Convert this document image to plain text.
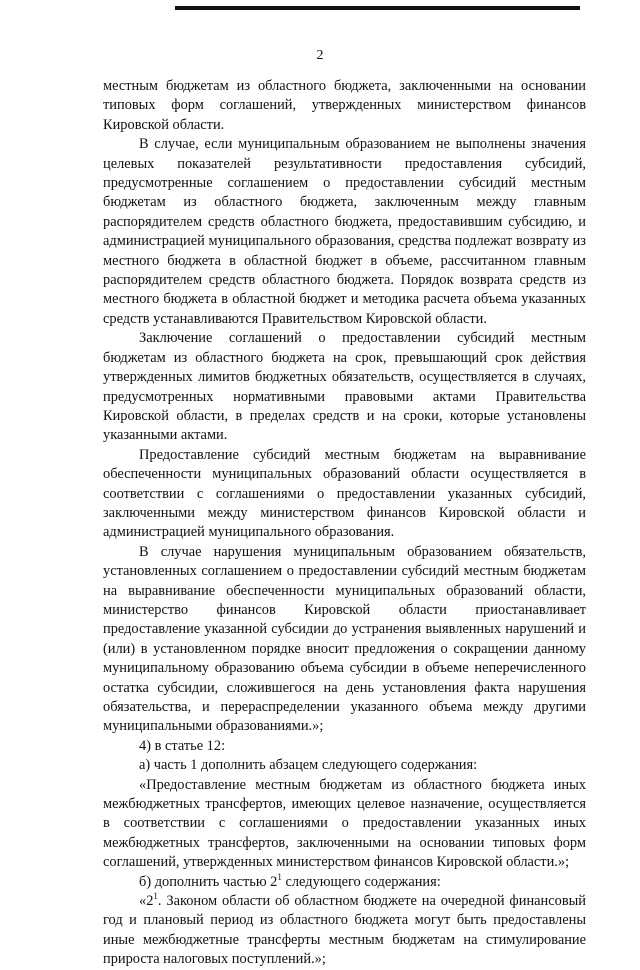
2

местным бюджетам из областного бюджета, заключенными на основании типовых форм соглашений, утвержденных министерством финансов Кировской области.

В случае, если муниципальным образованием не выполнены значения целевых показателей результативности предоставления субсидий, предусмотренные соглашением о предоставлении субсидий местным бюджетам из областного бюджета, заключенным между главным распорядителем средств областного бюджета, предоставившим субсидию, и администрацией муниципального образования, средства подлежат возврату из местного бюджета в областной бюджет в объеме, рассчитанном главным распорядителем средств областного бюджета. Порядок возврата средств из местного бюджета в областной бюджет и методика расчета объема указанных средств устанавливаются Правительством Кировской области.

Заключение соглашений о предоставлении субсидий местным бюджетам из областного бюджета на срок, превышающий срок действия утвержденных лимитов бюджетных обязательств, осуществляется в случаях, предусмотренных нормативными правовыми актами Правительства Кировской области, в пределах средств и на сроки, которые установлены указанными актами.

Предоставление субсидий местным бюджетам на выравнивание обеспеченности муниципальных образований области осуществляется в соответствии с соглашениями о предоставлении указанных субсидий, заключенными между министерством финансов Кировской области и администрацией муниципального образования.

В случае нарушения муниципальным образованием обязательств, установленных соглашением о предоставлении субсидий местным бюджетам на выравнивание обеспеченности муниципальных образований области, министерство финансов Кировской области приостанавливает предоставление указанной субсидии до устранения выявленных нарушений и (или) в установленном порядке вносит предложения о сокращении данному муниципальному образованию объема субсидии в объеме неперечисленного остатка субсидии, сложившегося на день установления факта нарушения обязательства, и перераспределении указанного объема между другими муниципальными образованиями.»;

4) в статье 12:

а) часть 1 дополнить абзацем следующего содержания:

«Предоставление местным бюджетам из областного бюджета иных межбюджетных трансфертов, имеющих целевое назначение, осуществляется в соответствии с соглашениями о предоставлении указанных иных межбюджетных трансфертов, заключенными на основании типовых форм соглашений, утвержденных министерством финансов Кировской области.»;

б) дополнить частью $2^1$ следующего содержания:

«$2^1$. Законом области об областном бюджете на очередной финансовый год и плановый период из областного бюджета могут быть предоставлены иные межбюджетные трансферты местным бюджетам на стимулирование прироста налоговых поступлений.»;
